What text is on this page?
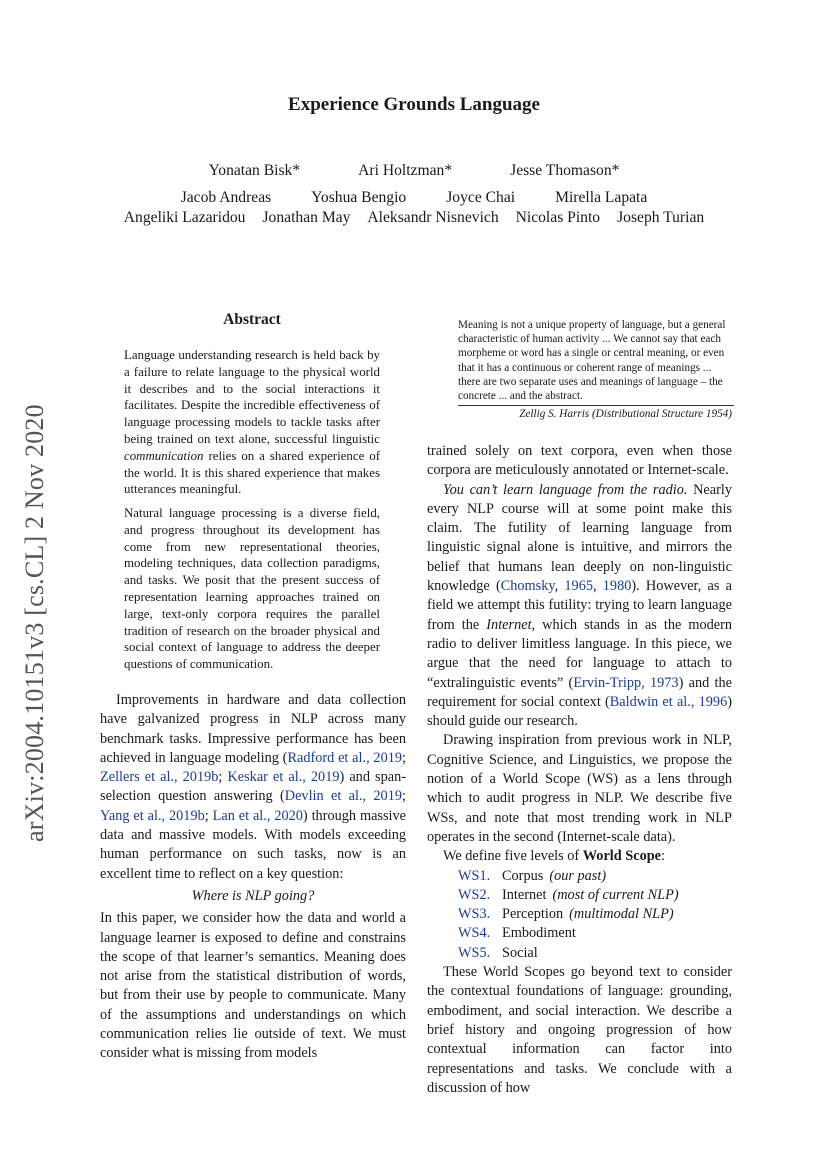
Experience Grounds Language
Yonatan Bisk*	Ari Holtzman*	Jesse Thomason*
Jacob Andreas	Yoshua Bengio	Joyce Chai	Mirella Lapata
Angeliki Lazaridou Jonathan May Aleksandr Nisnevich Nicolas Pinto Joseph Turian
arXiv:2004.10151v3 [cs.CL] 2 Nov 2020
Abstract
Language understanding research is held back by a failure to relate language to the physical world it describes and to the social interactions it facilitates. Despite the incredible effectiveness of language processing models to tackle tasks after being trained on text alone, successful linguistic communication relies on a shared experience of the world. It is this shared experience that makes utterances meaningful.
Natural language processing is a diverse field, and progress throughout its development has come from new representational theories, modeling techniques, data collection paradigms, and tasks. We posit that the present success of representation learning approaches trained on large, text-only corpora requires the parallel tradition of research on the broader physical and social context of language to address the deeper questions of communication.
Meaning is not a unique property of language, but a general characteristic of human activity ... We cannot say that each morpheme or word has a single or central meaning, or even that it has a continuous or coherent range of meanings ... there are two separate uses and meanings of language – the concrete ... and the abstract.
Zellig S. Harris (Distributional Structure 1954)

Improvements in hardware and data collection have galvanized progress in NLP across many benchmark tasks. Impressive performance has been achieved in language modeling (Radford et al., 2019; Zellers et al., 2019b; Keskar et al., 2019) and span-selection question answering (Devlin et al., 2019; Yang et al., 2019b; Lan et al., 2020) through massive data and massive models. With models exceeding human performance on such tasks, now is an excellent time to reflect on a key question:

Where is NLP going?

In this paper, we consider how the data and world a language learner is exposed to define and constrains the scope of that learner’s semantics. Meaning does not arise from the statistical distribution of words, but from their use by people to communicate. Many of the assumptions and understandings on which communication relies lie outside of text. We must consider what is missing from models

trained solely on text corpora, even when those corpora are meticulously annotated or Internet-scale.

You can’t learn language from the radio. Nearly every NLP course will at some point make this claim. The futility of learning language from linguistic signal alone is intuitive, and mirrors the belief that humans lean deeply on non-linguistic knowledge (Chomsky, 1965, 1980). However, as a field we attempt this futility: trying to learn language from the Internet, which stands in as the modern radio to deliver limitless language. In this piece, we argue that the need for language to attach to “extralinguistic events” (Ervin-Tripp, 1973) and the requirement for social context (Baldwin et al., 1996) should guide our research.

Drawing inspiration from previous work in NLP, Cognitive Science, and Linguistics, we propose the notion of a World Scope (WS) as a lens through which to audit progress in NLP. We describe five WSs, and note that most trending work in NLP operates in the second (Internet-scale data).

We define five levels of World Scope:

WS1. Corpus (our past)
WS2. Internet (most of current NLP)
WS3. Perception (multimodal NLP)
WS4. Embodiment
WS5. Social

These World Scopes go beyond text to consider the contextual foundations of language: grounding, embodiment, and social interaction. We describe a brief history and ongoing progression of how contextual information can factor into representations and tasks. We conclude with a discussion of how
